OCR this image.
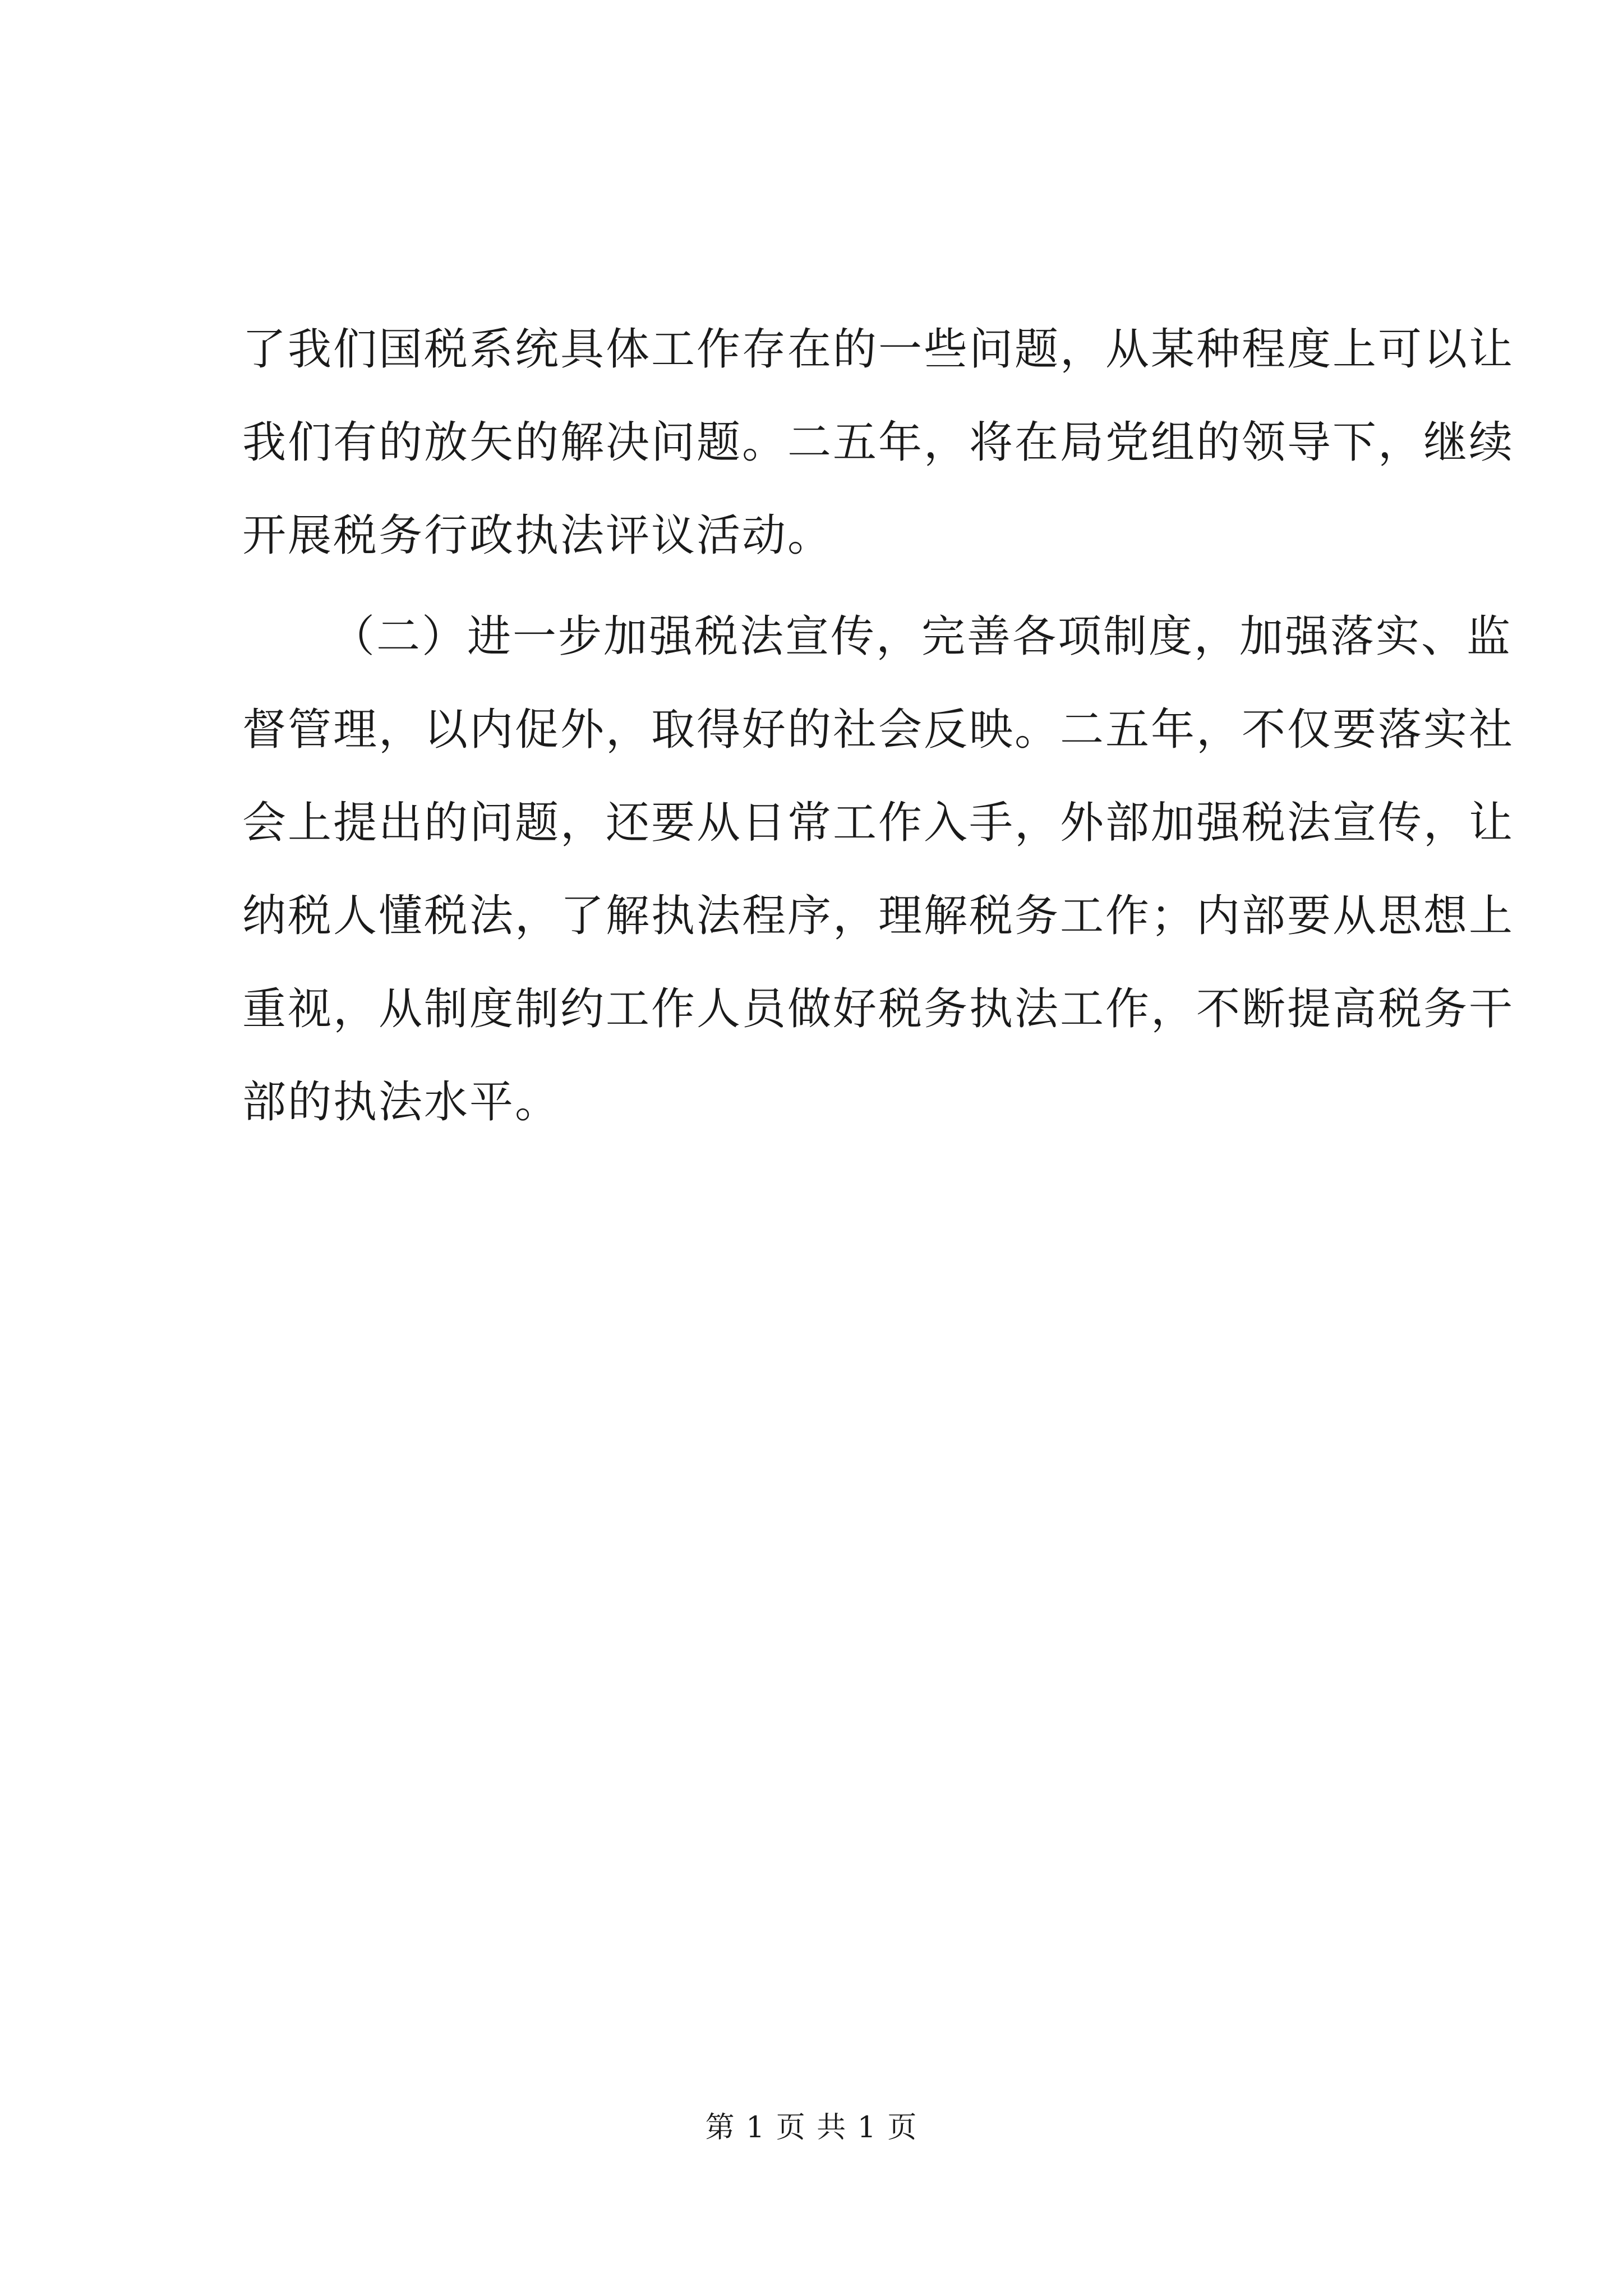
了我们国税系统具体工作存在的一些问题，从某种程度上可以让
我们有的放矢的解决问题。二五年，将在局党组的领导下，继续
开展税务行政执法评议活动。
（二）进一步加强税法宣传，完善各项制度，加强落实、监
督管理，以内促外，取得好的社会反映。二五年，不仅要落实社
会上提出的问题，还要从日常工作入手，外部加强税法宣传，让
纳税人懂税法，了解执法程序，理解税务工作；内部要从思想上
重视，从制度制约工作人员做好税务执法工作，不断提高税务干
部的执法水平。
第 1 页 共 1 页
